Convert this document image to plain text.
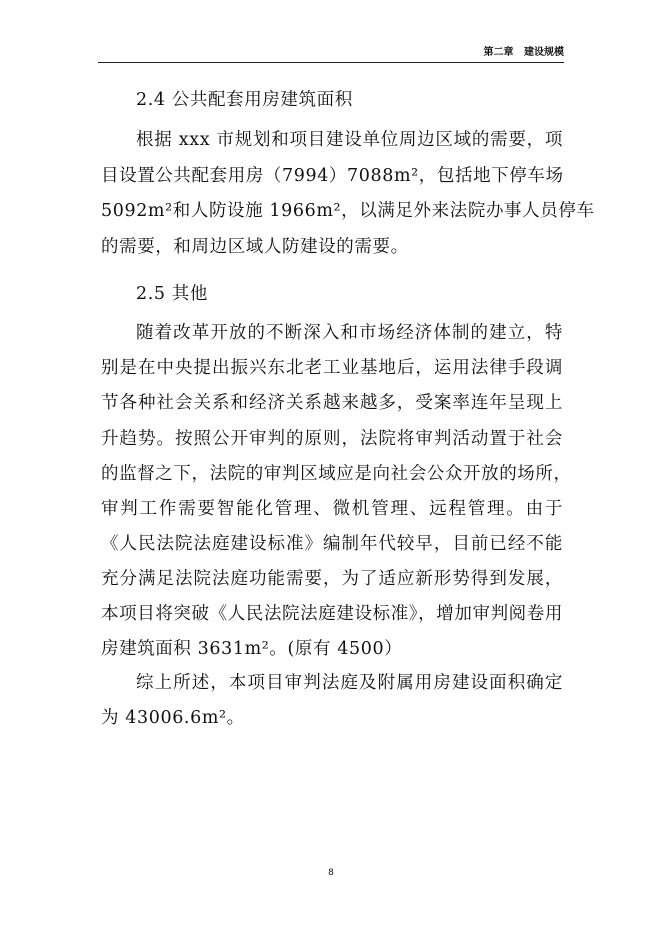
第二章 建设规模
2.4 公共配套用房建筑面积
根据 xxx 市规划和项目建设单位周边区域的需要，项
目设置公共配套用房（7994）7088m²，包括地下停车场
5092m²和人防设施 1966m²，以满足外来法院办事人员停车
的需要，和周边区域人防建设的需要。
2.5 其他
随着改革开放的不断深入和市场经济体制的建立，特
别是在中央提出振兴东北老工业基地后，运用法律手段调
节各种社会关系和经济关系越来越多，受案率连年呈现上
升趋势。按照公开审判的原则，法院将审判活动置于社会
的监督之下，法院的审判区域应是向社会公众开放的场所，
审判工作需要智能化管理、微机管理、远程管理。由于
《人民法院法庭建设标准》编制年代较早，目前已经不能
充分满足法院法庭功能需要，为了适应新形势得到发展，
本项目将突破《人民法院法庭建设标准》，增加审判阅卷用
房建筑面积 3631m²。(原有 4500）
综上所述，本项目审判法庭及附属用房建设面积确定
为 43006.6m²。
8
